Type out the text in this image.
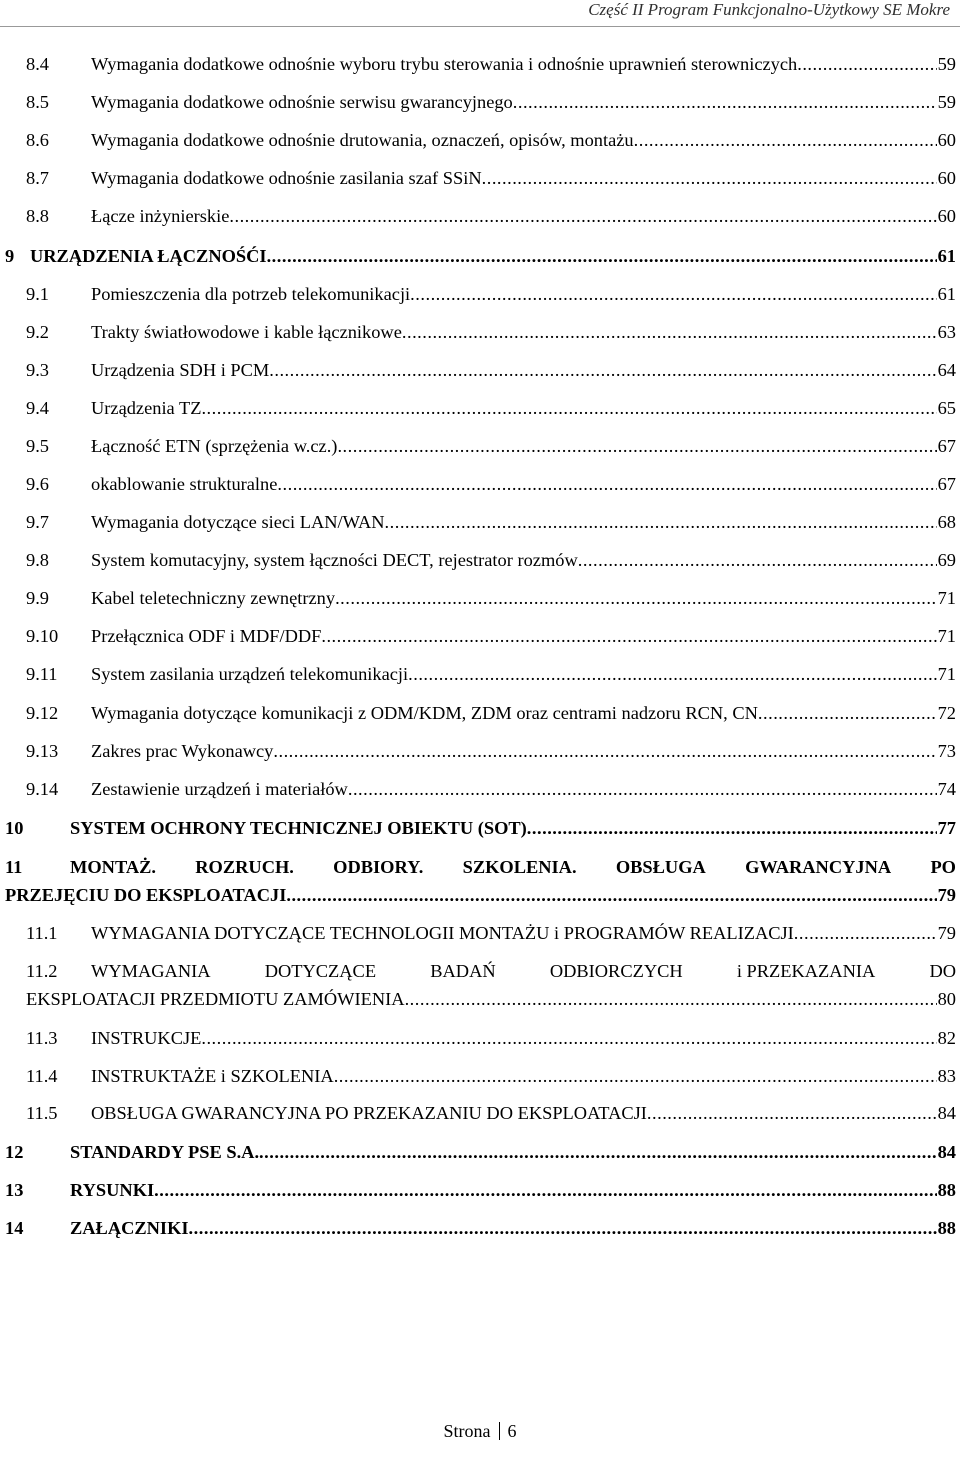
Część II Program Funkcjonalno-Użytkowy SE Mokre
8.4 Wymagania dodatkowe odnośnie wyboru trybu sterowania i odnośnie uprawnień sterowniczych .....	59
8.5 Wymagania dodatkowe odnośnie serwisu gwarancyjnego .....	59
8.6 Wymagania dodatkowe odnośnie drutowania, oznaczeń, opisów, montażu .....	60
8.7 Wymagania dodatkowe odnośnie zasilania szaf SSiN .....	60
8.8 Łącze inżynierskie .....	60
9 URZĄDZENIA ŁĄCZNOŚĆI .....	61
9.1 Pomieszczenia dla potrzeb telekomunikacji .....	61
9.2 Trakty światłowodowe i kable łącznikowe .....	63
9.3 Urządzenia SDH i PCM .....	64
9.4 Urządzenia TZ .....	65
9.5 Łączność ETN (sprzężenia w.cz.) .....	67
9.6 okablowanie strukturalne .....	67
9.7 Wymagania dotyczące sieci LAN/WAN .....	68
9.8 System komutacyjny, system łączności DECT, rejestrator rozmów .....	69
9.9 Kabel teletechniczny zewnętrzny .....	71
9.10 Przełącznica ODF i MDF/DDF .....	71
9.11 System zasilania urządzeń telekomunikacji .....	71
9.12 Wymagania dotyczące komunikacji z ODM/KDM, ZDM oraz centrami nadzoru RCN, CN .....	72
9.13 Zakres prac Wykonawcy .....	73
9.14 Zestawienie urządzeń i materiałów .....	74
10	SYSTEM OCHRONY TECHNICZNEJ OBIEKTU (SOT) .....	77
11	MONTAŻ. ROZRUCH. ODBIORY. SZKOLENIA. OBSŁUGA GWARANCYJNA PO
PRZEJĘCIU DO EKSPLOATACJI .....	79
11.1 WYMAGANIA DOTYCZĄCE TECHNOLOGII MONTAŻU i PROGRAMÓW REALIZACJI .....	79
11.2 WYMAGANIA	DOTYCZĄCE	BADAŃ	ODBIORCZYCH	i PRZEKAZANIA	DO
EKSPLOATACJI PRZEDMIOTU ZAMÓWIENIA .....	80
11.3 INSTRUKCJE .....	82
11.4 INSTRUKTAŻE i SZKOLENIA .....	83
11.5 OBSŁUGA GWARANCYJNA PO PRZEKAZANIU DO EKSPLOATACJI .....	84
12	STANDARDY PSE S.A. .....	84
13	RYSUNKI .....	88
14	ZAŁĄCZNIKI .....	88
Strona 6
